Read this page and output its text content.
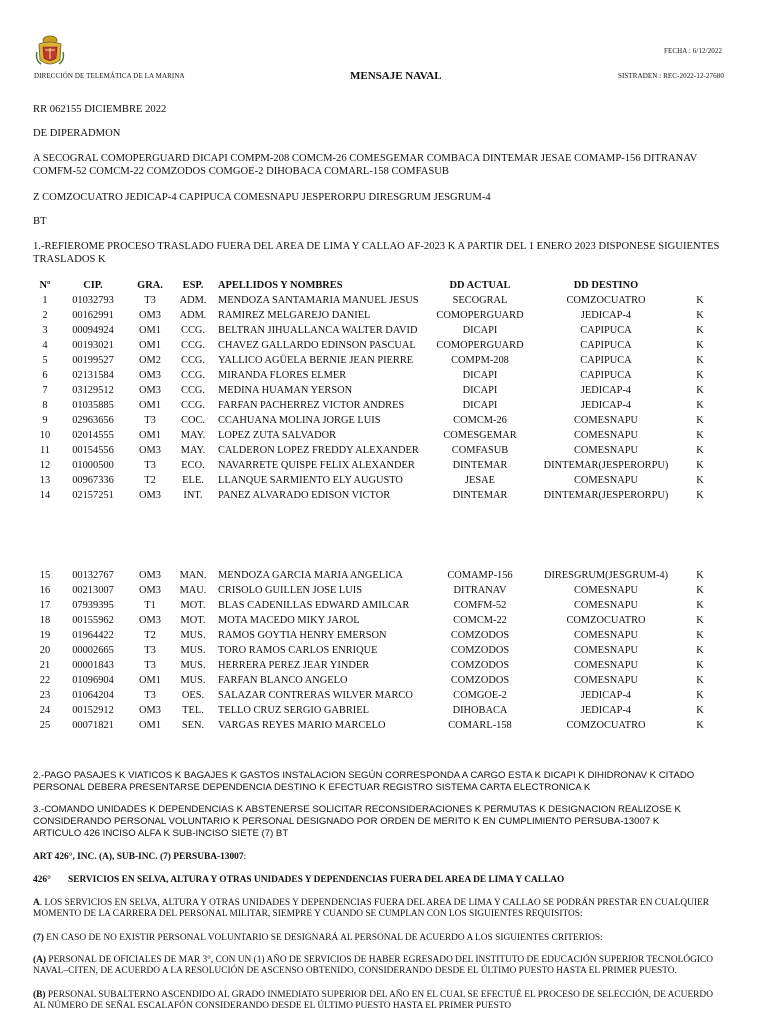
DIRECCIÓN DE TELEMÁTICA DE LA MARINA	MENSAJE NAVAL
FECHA : 6/12/2022
SISTRADEN : REC-2022-12-27680
RR 062155 DICIEMBRE 2022
DE DIPERADMON
A SECOGRAL COMOPERGUARD DICAPI COMPM-208 COMCM-26 COMESGEMAR COMBACA DINTEMAR JESAE COMAMP-156 DITRANAV
COMFM-52 COMCM-22 COMZODOS COMGOE-2 DIHOBACA COMARL-158 COMFASUB
Z COMZOCUATRO JEDICAP-4 CAPIPUCA COMESNAPU JESPERORPU DIRESGRUM JESGRUM-4
BT
1.-REFIEROME PROCESO TRASLADO FUERA DEL AREA DE LIMA Y CALLAO AF-2023 K A PARTIR DEL 1 ENERO 2023 DISPONESE SIGUIENTES
TRASLADOS K
Nº	CIP.	GRA.	ESP.	APELLIDOS Y NOMBRES	DD ACTUAL	DD DESTINO	
1	01032793	T3	ADM.	MENDOZA SANTAMARIA MANUEL JESUS	SECOGRAL	COMZOCUATRO	K
2	00162991	OM3	ADM.	RAMIREZ MELGAREJO DANIEL	COMOPERGUARD	JEDICAP-4	K
3	00094924	OM1	CCG.	BELTRAN JIHUALLANCA WALTER DAVID	DICAPI	CAPIPUCA	K
4	00193021	OM1	CCG.	CHAVEZ GALLARDO EDINSON PASCUAL	COMOPERGUARD	CAPIPUCA	K
5	00199527	OM2	CCG.	YALLICO AGÜELA BERNIE JEAN PIERRE	COMPM-208	CAPIPUCA	K
6	02131584	OM3	CCG.	MIRANDA FLORES ELMER	DICAPI	CAPIPUCA	K
7	03129512	OM3	CCG.	MEDINA HUAMAN YERSON	DICAPI	JEDICAP-4	K
8	01035885	OM1	CCG.	FARFAN PACHERREZ VICTOR ANDRES	DICAPI	JEDICAP-4	K
9	02963656	T3	COC.	CCAHUANA MOLINA JORGE LUIS	COMCM-26	COMESNAPU	K
10	02014555	OM1	MAY.	LOPEZ ZUTA SALVADOR	COMESGEMAR	COMESNAPU	K
11	00154556	OM3	MAY.	CALDERON LOPEZ FREDDY ALEXANDER	COMFASUB	COMESNAPU	K
12	01000500	T3	ECO.	NAVARRETE QUISPE FELIX ALEXANDER	DINTEMAR	DINTEMAR(JESPERORPU)	K
13	00967336	T2	ELE.	LLANQUE SARMIENTO ELY AUGUSTO	JESAE	COMESNAPU	K
14	02157251	OM3	INT.	PANEZ ALVARADO EDISON VICTOR	DINTEMAR	DINTEMAR(JESPERORPU)	K
15	00132767	OM3	MAN.	MENDOZA GARCIA MARIA ANGELICA	COMAMP-156	DIRESGRUM(JESGRUM-4)	K
16	00213007	OM3	MAU.	CRISOLO GUILLEN JOSE LUIS	DITRANAV	COMESNAPU	K
17	07939395	T1	MOT.	BLAS CADENILLAS EDWARD AMILCAR	COMFM-52	COMESNAPU	K
18	00155962	OM3	MOT.	MOTA MACEDO MIKY JAROL	COMCM-22	COMZOCUATRO	K
19	01964422	T2	MUS.	RAMOS GOYTIA HENRY EMERSON	COMZODOS	COMESNAPU	K
20	00002665	T3	MUS.	TORO RAMOS CARLOS ENRIQUE	COMZODOS	COMESNAPU	K
21	00001843	T3	MUS.	HERRERA PEREZ JEAR YINDER	COMZODOS	COMESNAPU	K
22	01096904	OM1	MUS.	FARFAN BLANCO ANGELO	COMZODOS	COMESNAPU	K
23	01064204	T3	OES.	SALAZAR CONTRERAS WILVER MARCO	COMGOE-2	JEDICAP-4	K
24	00152912	OM3	TEL.	TELLO CRUZ SERGIO GABRIEL	DIHOBACA	JEDICAP-4	K
25	00071821	OM1	SEN.	VARGAS REYES MARIO MARCELO	COMARL-158	COMZOCUATRO	K
2.-PAGO PASAJES K VIATICOS K BAGAJES K GASTOS INSTALACION SEGÚN CORRESPONDA A CARGO ESTA K DICAPI K DIHIDRONAV K CITADO
PERSONAL DEBERA PRESENTARSE DEPENDENCIA DESTINO K EFECTUAR REGISTRO SISTEMA CARTA ELECTRONICA K
3.-COMANDO UNIDADES K DEPENDENCIAS K ABSTENERSE SOLICITAR RECONSIDERACIONES K PERMUTAS K DESIGNACION REALIZOSE K
CONSIDERANDO PERSONAL VOLUNTARIO K PERSONAL DESIGNADO POR ORDEN DE MERITO K EN CUMPLIMIENTO PERSUBA-13007 K
ARTICULO 426 INCISO ALFA K SUB-INCISO SIETE (7) BT
ART 426°, INC. (A), SUB-INC. (7) PERSUBA-13007:
426° SERVICIOS EN SELVA, ALTURA Y OTRAS UNIDADES Y DEPENDENCIAS FUERA DEL AREA DE LIMA Y CALLAO
A. LOS SERVICIOS EN SELVA, ALTURA Y OTRAS UNIDADES Y DEPENDENCIAS FUERA DEL AREA DE LIMA Y CALLAO SE PODRÁN PRESTAR EN CUALQUIER
MOMENTO DE LA CARRERA DEL PERSONAL MILITAR, SIEMPRE Y CUANDO SE CUMPLAN CON LOS SIGUIENTES REQUISITOS:
(7) EN CASO DE NO EXISTIR PERSONAL VOLUNTARIO SE DESIGNARÁ AL PERSONAL DE ACUERDO A LOS SIGUIENTES CRITERIOS:
(A) PERSONAL DE OFICIALES DE MAR 3°, CON UN (1) AÑO DE SERVICIOS DE HABER EGRESADO DEL INSTITUTO DE EDUCACIÓN SUPERIOR TECNOLÓGICO
NAVAL–CITEN, DE ACUERDO A LA RESOLUCIÓN DE ASCENSO OBTENIDO, CONSIDERANDO DESDE EL ÚLTIMO PUESTO HASTA EL PRIMER PUESTO.
(B) PERSONAL SUBALTERNO ASCENDIDO AL GRADO INMEDIATO SUPERIOR DEL AÑO EN EL CUAL SE EFECTUÉ EL PROCESO DE SELECCIÓN, DE ACUERDO
AL NÚMERO DE SEÑAL ESCALAFÓN CONSIDERANDO DESDE EL ÚLTIMO PUESTO HASTA EL PRIMER PUESTO
